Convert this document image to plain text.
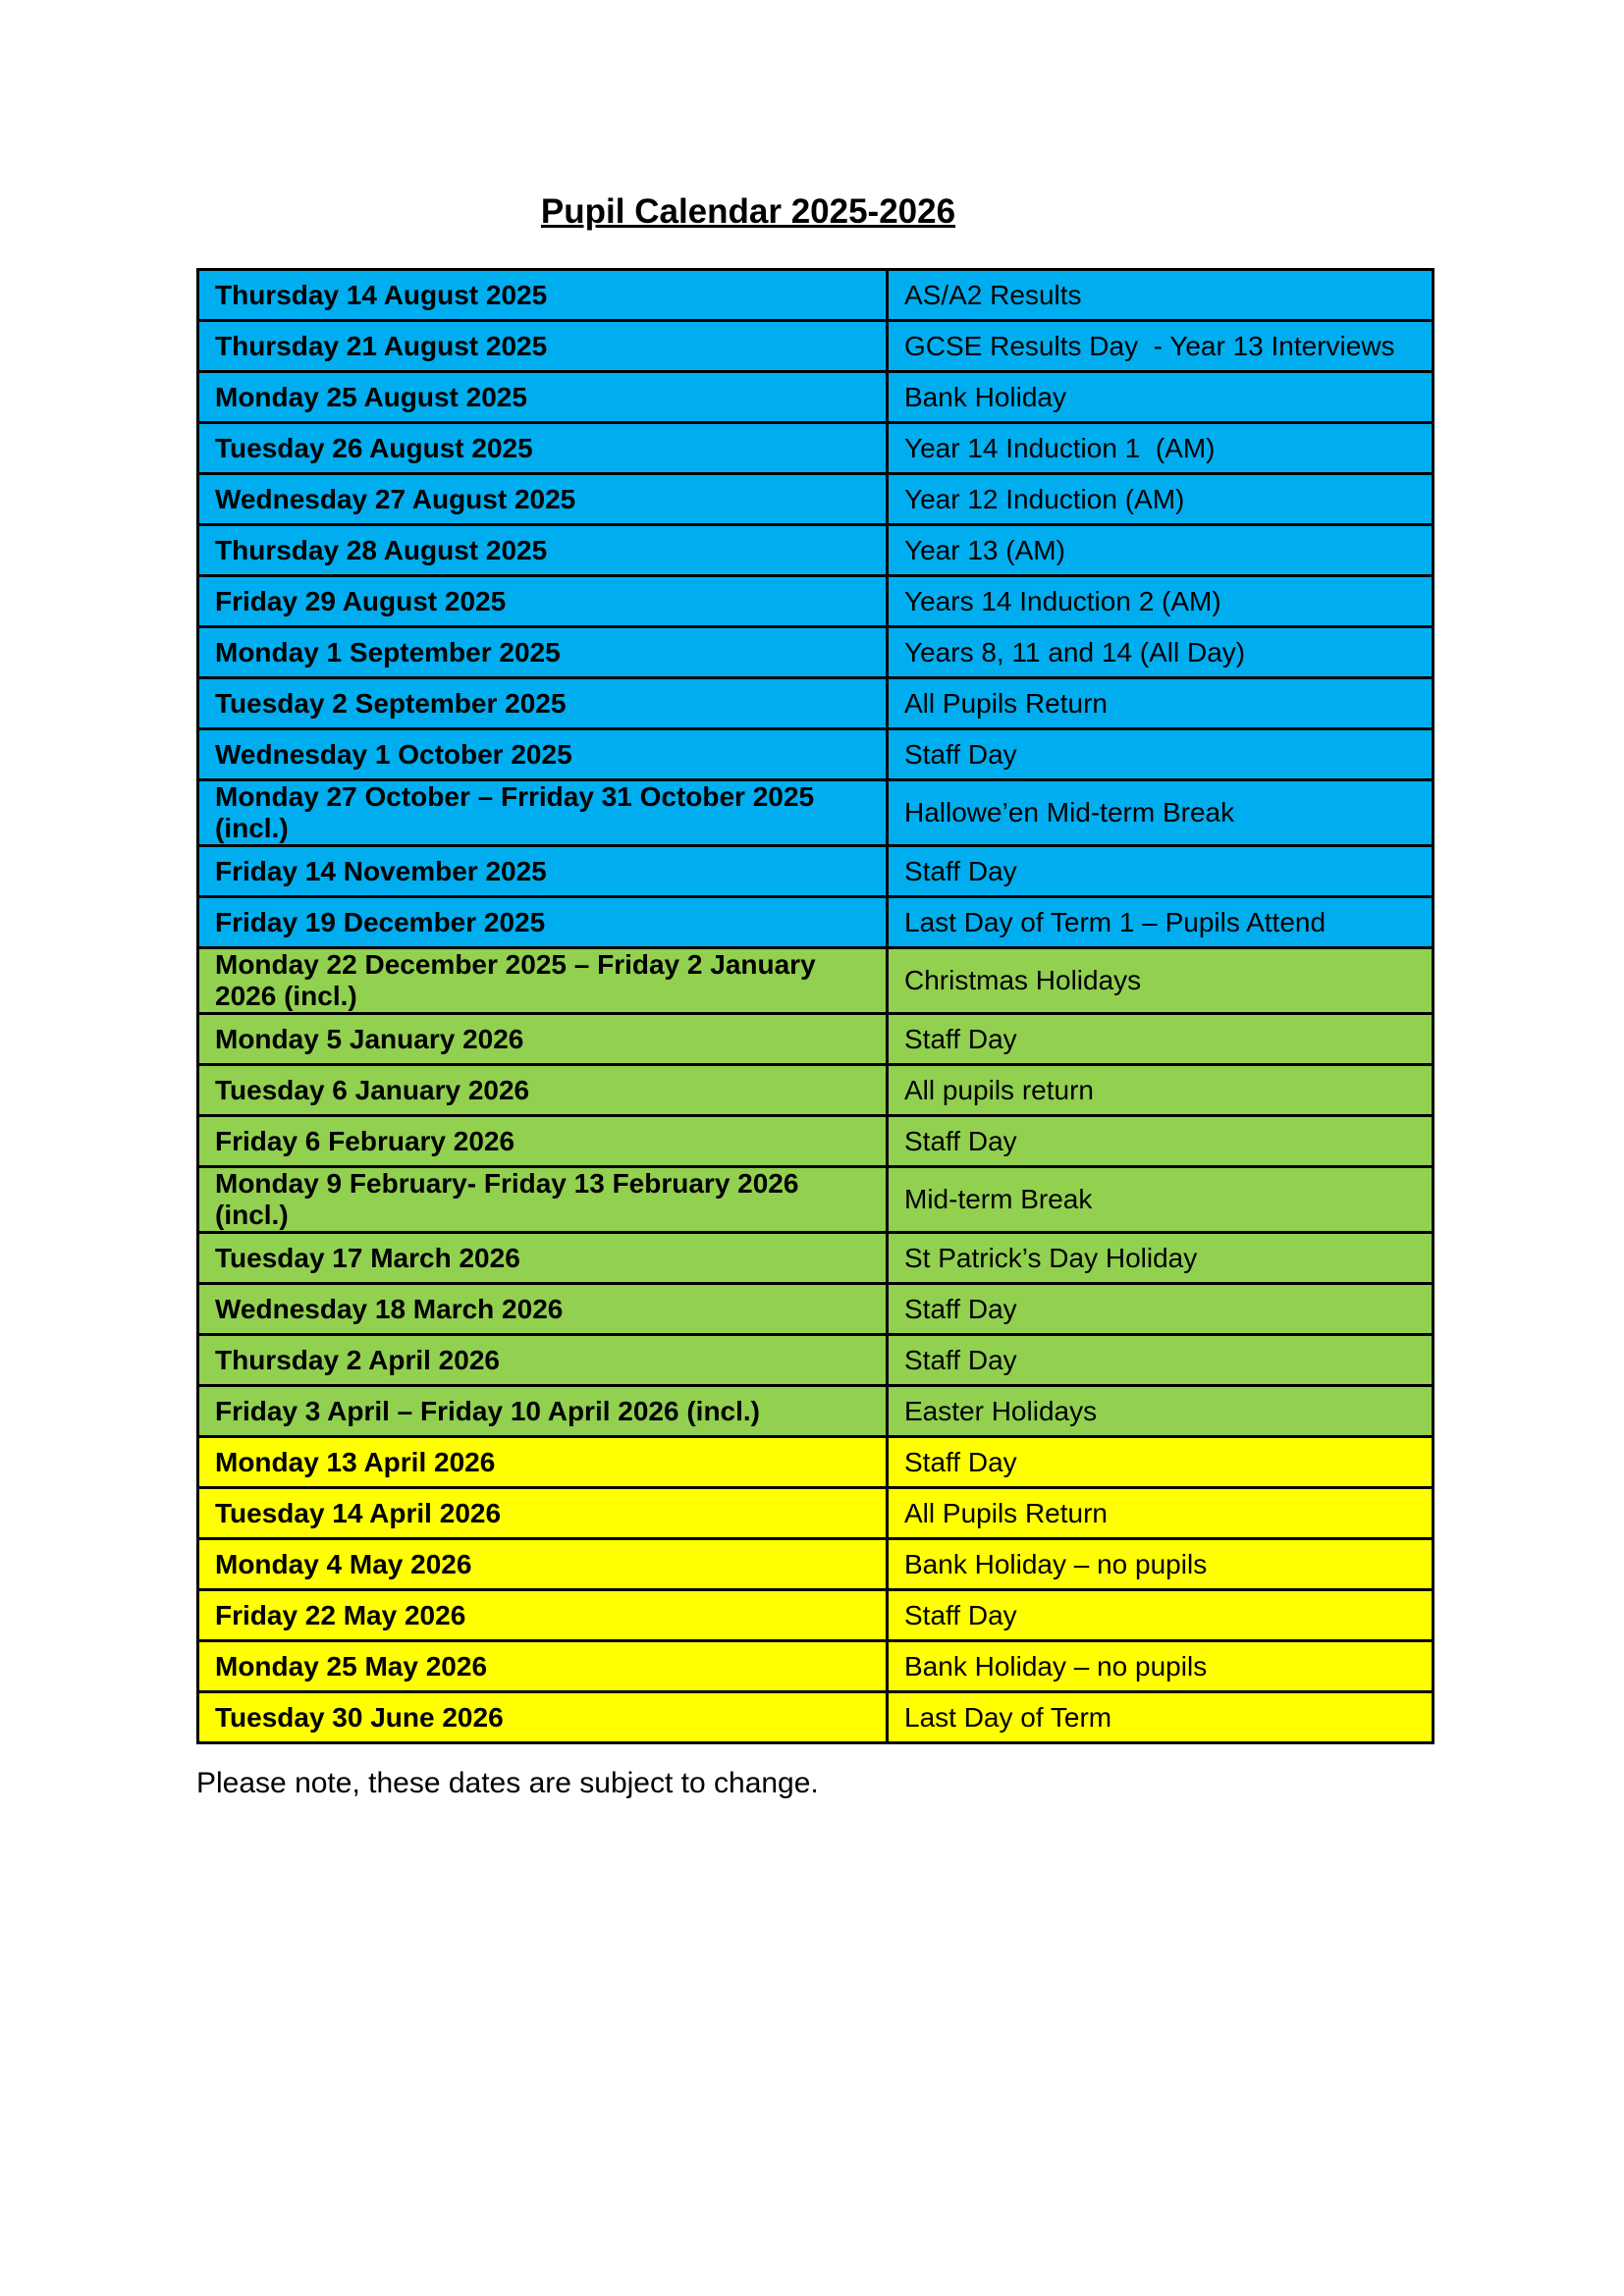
Pupil Calendar 2025-2026
Thursday 14 August 2025	AS/A2 Results
Thursday 21 August 2025	GCSE Results Day  - Year 13 Interviews
Monday 25 August 2025	Bank Holiday
Tuesday 26 August 2025	Year 14 Induction 1  (AM)
Wednesday 27 August 2025	Year 12 Induction (AM)
Thursday 28 August 2025	Year 13 (AM)
Friday 29 August 2025	Years 14 Induction 2 (AM)
Monday 1 September 2025	Years 8, 11 and 14 (All Day)
Tuesday 2 September 2025	All Pupils Return
Wednesday 1 October 2025	Staff Day
Monday 27 October – Frriday 31 October 2025 (incl.)	Hallowe’en Mid-term Break
Friday 14 November 2025	Staff Day
Friday 19 December 2025	Last Day of Term 1 – Pupils Attend
Monday 22 December 2025 – Friday 2 January 2026 (incl.)	Christmas Holidays
Monday 5 January 2026	Staff Day
Tuesday 6 January 2026	All pupils return
Friday 6 February 2026	Staff Day
Monday 9 February- Friday 13 February 2026 (incl.)	Mid-term Break
Tuesday 17 March 2026	St Patrick’s Day Holiday
Wednesday 18 March 2026	Staff Day
Thursday 2 April 2026	Staff Day
Friday 3 April – Friday 10 April 2026 (incl.)	Easter Holidays
Monday 13 April 2026	Staff Day
Tuesday 14 April 2026	All Pupils Return
Monday 4 May 2026	Bank Holiday – no pupils
Friday 22 May 2026	Staff Day
Monday 25 May 2026	Bank Holiday – no pupils
Tuesday 30 June 2026	Last Day of Term
Please note, these dates are subject to change.
